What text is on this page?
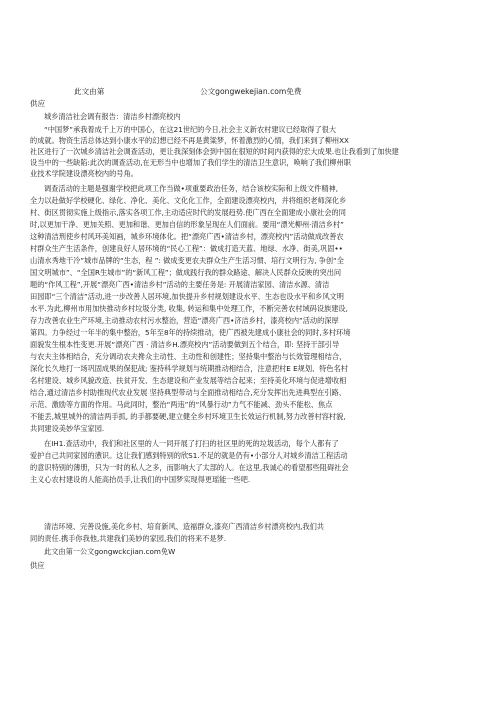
此文由第	公文gongwekejian.com免费
供应
城乡清洁社会调有报告：清洁乡村漂亮校内
“中国梦”承我着成千上万的中国心，在这21世纪的今日,社会主义新农村建议已经取得了很大
的成就。物资生活总体达到小康水平的幻想已经不再是黄粱梦，怀着激烈的心情，我们来到了柳州XX
社区进行了一次城乡清洁社会调查活动，更让我深刻体会到中国在很短的时间内获得的宏大成果.也让我看到了加快建
设当中的一些缺陷:此次的调查活动,在无形当中也增加了我们学生的清洁卫生意识，唤响了我们柳州职
业技术学院建设漂亮校内的号角。
调查活动的主题是强谢学校把此项工作当做•项重要政治任务，结合该校实际和上级文件精神,
全力以赴做好学校硬化、绿化、净化、美化、文化化工作，全面建设漂亮校内，并将组织老师深化乡
村、街区贯彻实施上级指示,落实各项工作,主动适应时代的发展趋势.使广西在全面建成小康社会的同
时,以更加干净、更加关照、更加和谐、更加自信的形象呈现在人们面前。要用“漂光柳州·清洁乡村”
这种清洁刑使乡村风环美知画，城乡环境体化。把“漂亮广西•清洁乡村，漂亮校内”活动做成改善农
村群众生产生活条件，创建良好人居环境的“民心工程”：做成打造天蓝、地绿、水净、街美,巩固••
山清水秀地干冷”城市品牌的“生态，程 ”: 做成变更农夫群众生产生活习惯、培行文明行为, 争创“全
国文明城市”、“全国R生城市”的“新风工程”；做成践行我的群众路途、解决人民群众反映的突出问
题的“作风工程”,开展“漂亮广西•清洁乡村”活动的主要任务是: 开展清洁家园、清洁水源、清洁
田园即“三个清洁”活动,进一步改善人居环境,加快提升乡村规划建设水平、生态也设水平和乡风文明
水平.为此,柳州市用加快推动乡村垃圾分类, 收集, 转运和集中处理工作，不断完善农村域码设族建设,
存力改善农业生产环境,主动推动农村污水整治，营造“漂亮广西•济洁乡村，漆亮校内”活动的深厚
第四。力争经过一年半的集中整治，5年至8年的持续推动，使广西被先建成小康社会的同时,多村环境
面貌发生根本性变更.开展“漂亮广西 · 清洁乡H.漂亮校内”活动要做到五个结合，即: 坚持干部引导
与农夫主体相结合，充分调动农夫搀众主动性、主动性和创建性；坚持集中整治与长效管理相结合，
深化长久地打一场巩固成果的保犯战; 鉴持科学规划与统期推动相结合，注意把村E E规划、特色名村
名村建设、城乡风貌改造、扶贫开发、生态建设和产业发展等结合起来；至持美化环境与促进增收相
结合,通过清洁乡村助推现代农业发展 坚持典型带动与全面推动相结合,充分发挥出先进典型在引路、
示范、激励等方面的作用。马此同时，整治“两违”的“风暴行动”力气不能减、劲头不能松、焦点
不能丢,城里城外的清洁两手抓, 的手都要硬,建立健全乡村环境卫生长效运行机制,努力改善村容村貌,
共同建设美妙华宝家园.
在IH1.查活动中，我们和社区里的人一同开展了打扫的社区里的死的垃圾活动，每个人都有了
爱护自己共同家园的懑识。这让我们感到特别的欣S1.不足的就是仍有•小部分人对城乡清洁工程活动
的意识特别的薄册，只为一时的私人之多，而影响大了太部的人。在这里,我诚心的看望那些阻碍社会
主义心农村建设的人能高抬员手,让我们的中国梦实现得更瑶能一些吧.
清洁环境、完善设施,美化乡村、培育新风、造福群众,漆亮广西清洁乡村漂亮校内,我们共
同的责任.携手你我他,共建我们美妙的家园,我们的将来不是梦.
此文由第一公文gongwckcjian.com免W
供应
